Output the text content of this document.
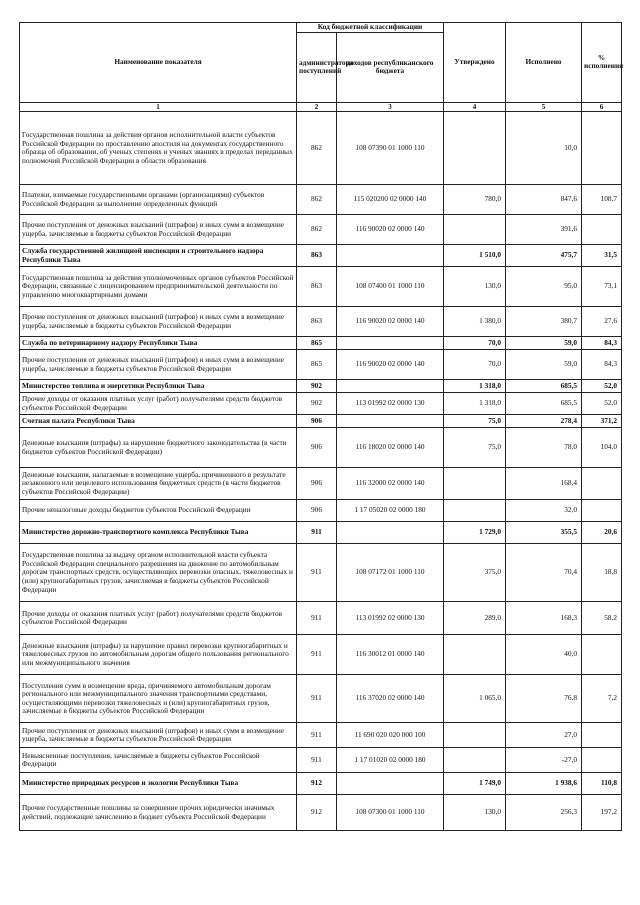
Наименование показателя	Код бюджетной классификации		Утверждено	Исполнено	% исполнения
	администратора поступлений	доходов республиканского бюджета			
1	2	3	4	5	6
Государственная пошлина за действия органов исполнительной власти субъектов Российской Федерации по проставлению апостиля на документах государственного образца об образовании, об ученых степенях и ученых званиях в пределах переданных полномочий Российской Федерации в области образования	862	108 07390 01 1000 110		10,0	
Платежи, взимаемые государственными органами (организациями) субъектов Российской Федерации за выполнение определенных функций	862	115 020200 02 0000 140	780,0	847,6	108,7
Прочие поступления от денежных взысканий (штрафов) и иных сумм в возмещение ущерба, зачисляемые в бюджеты субъектов Российской Федерации	862	116 90020 02 0000 140		391,6	
Служба государственной жилищной инспекции и строительного надзора Республики Тыва	863		1 510,0	475,7	31,5
Государственная пошлина за действия уполномоченных органов субъектов Российской Федерации, связанные с лицензированием предпринимательской деятельности по управлению многоквартирными домами	863	108 07400 01 1000 110	130,0	95,0	73,1
Прочие поступления от денежных взысканий (штрафов) и иных сумм в возмещение ущерба, зачисляемые в бюджеты субъектов Российской Федерации	863	116 90020 02 0000 140	1 380,0	380,7	27,6
Служба по ветеринарному надзору Республики Тыва	865		70,0	59,0	84,3
Прочие поступления от денежных взысканий (штрафов) и иных сумм в возмещение ущерба, зачисляемые в бюджеты субъектов Российской Федерации	865	116 90020 02 0000 140	70,0	59,0	84,3
Министерство топлива и энергетики Республики Тыва	902		1 318,0	685,5	52,0
Прочие доходы от оказания платных услуг (работ) получателями средств бюджетов субъектов Российской Федерации	902	113 01992 02 0000 130	1 318,0	685,5	52,0
Счетная палата Республики Тыва	906		75,0	278,4	371,2
Денежные взыскания (штрафы) за нарушение бюджетного законодательства (в части бюджетов субъектов Российской Федерации)	906	116 18020 02 0000 140	75,0	78,0	104,0
Денежные взыскания, налагаемые в возмещение ущерба, причиненного в результате незаконного или нецелевого использования бюджетных средств (в части бюджетов субъектов Российской Федерации)	906	116 32000 02 0000 140		168,4	
Прочие неналоговые доходы бюджетов субъектов Российской Федерации	906	1 17 05020 02 0000 180		32,0	
Министерство дорожно-транспортного комплекса Республики Тыва	911		1 729,0	355,5	20,6
Государственная пошлина за выдачу органом исполнительной власти субъекта Российской Федерации специального разрешения на движение по автомобильным дорогам транспортных средств, осуществляющих перевозки опасных, тяжеловесных и (или) крупногабаритных грузов, зачисляемая в бюджеты субъектов Российской Федерации	911	108 07172 01 1000 110	375,0	70,4	18,8
Прочие доходы от оказания платных услуг (работ) получателями средств бюджетов субъектов Российской Федерации	911	113 01992 02 0000 130	289,0	168,3	58,2
Денежные взыскания (штрафы) за нарушение правил перевозки крупногабаритных и тяжеловесных грузов по автомобильным дорогам общего пользования регионального или межмуниципального значения	911	116 30012 01 0000 140		40,0	
Поступления сумм в возмещение вреда, причиняемого автомобильным дорогам регионального или межмуниципального значения транспортными средствами, осуществляющими перевозки тяжеловесных и (или) крупногабаритных грузов, зачисляемые в бюджеты субъектов Российской Федерации	911	116 37020 02 0000 140	1 065,0	76,8	7,2
Прочие поступления от денежных взысканий (штрафов) и иных сумм в возмещение ущерба, зачисляемые в бюджеты субъектов Российской Федерации	911	11 690 020 020 000 100		27,0	
Невыясненные поступления, зачисляемые в бюджеты субъектов Российской Федерации	911	1 17 01020 02 0000 180		-27,0	
Министерство природных ресурсов и экологии Республики Тыва	912		1 749,0	1 938,6	110,8
Прочие государственные пошлины за совершение прочих юридически значимых действий, подлежащие зачислению в бюджет субъекта Российской Федерации	912	108 07300 01 1000 110	130,0	256,3	197,2
